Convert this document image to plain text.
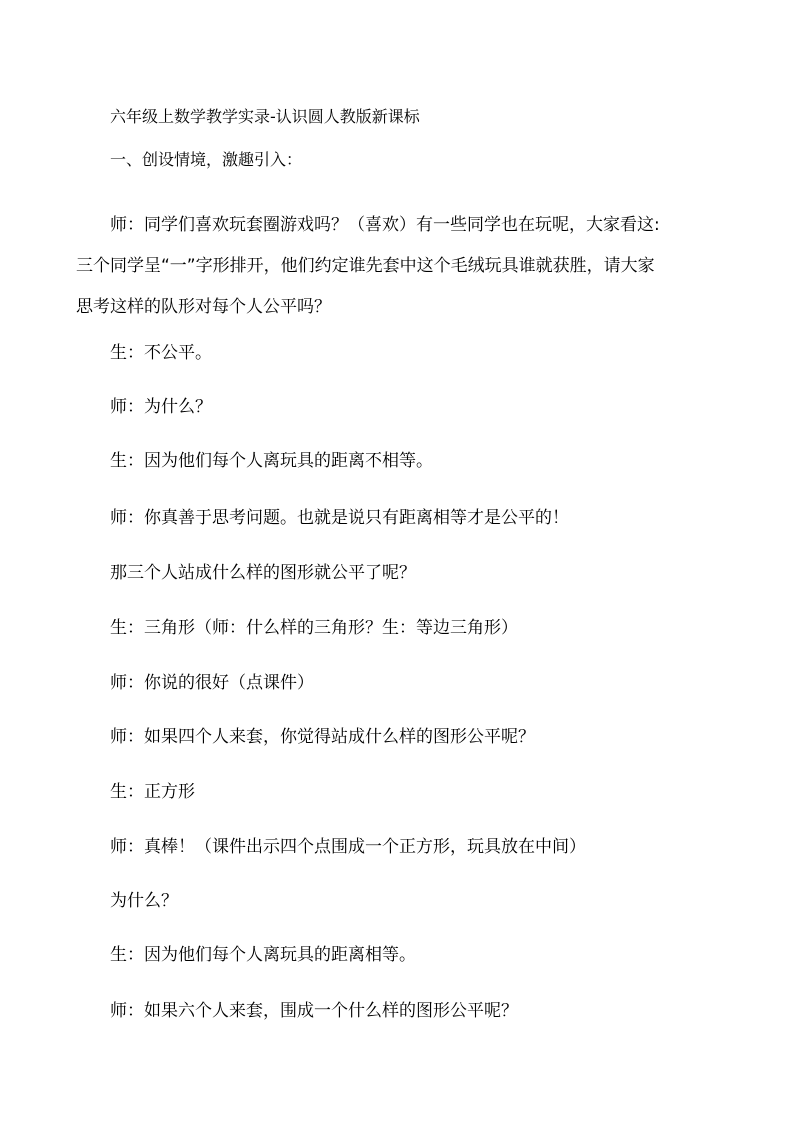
六年级上数学教学实录-认识圆人教版新课标
一、创设情境，激趣引入：
师：同学们喜欢玩套圈游戏吗？（喜欢）有一些同学也在玩呢，大家看这:
三个同学呈“一”字形排开，他们约定谁先套中这个毛绒玩具谁就获胜，请大家
思考这样的队形对每个人公平吗？
生：不公平。
师：为什么？
生：因为他们每个人离玩具的距离不相等。
师：你真善于思考问题。也就是说只有距离相等才是公平的！
那三个人站成什么样的图形就公平了呢？
生：三角形（师：什么样的三角形？生：等边三角形）
师：你说的很好（点课件）
师：如果四个人来套，你觉得站成什么样的图形公平呢？
生：正方形
师：真棒！（课件出示四个点围成一个正方形，玩具放在中间）
为什么？
生：因为他们每个人离玩具的距离相等。
师：如果六个人来套，围成一个什么样的图形公平呢？
